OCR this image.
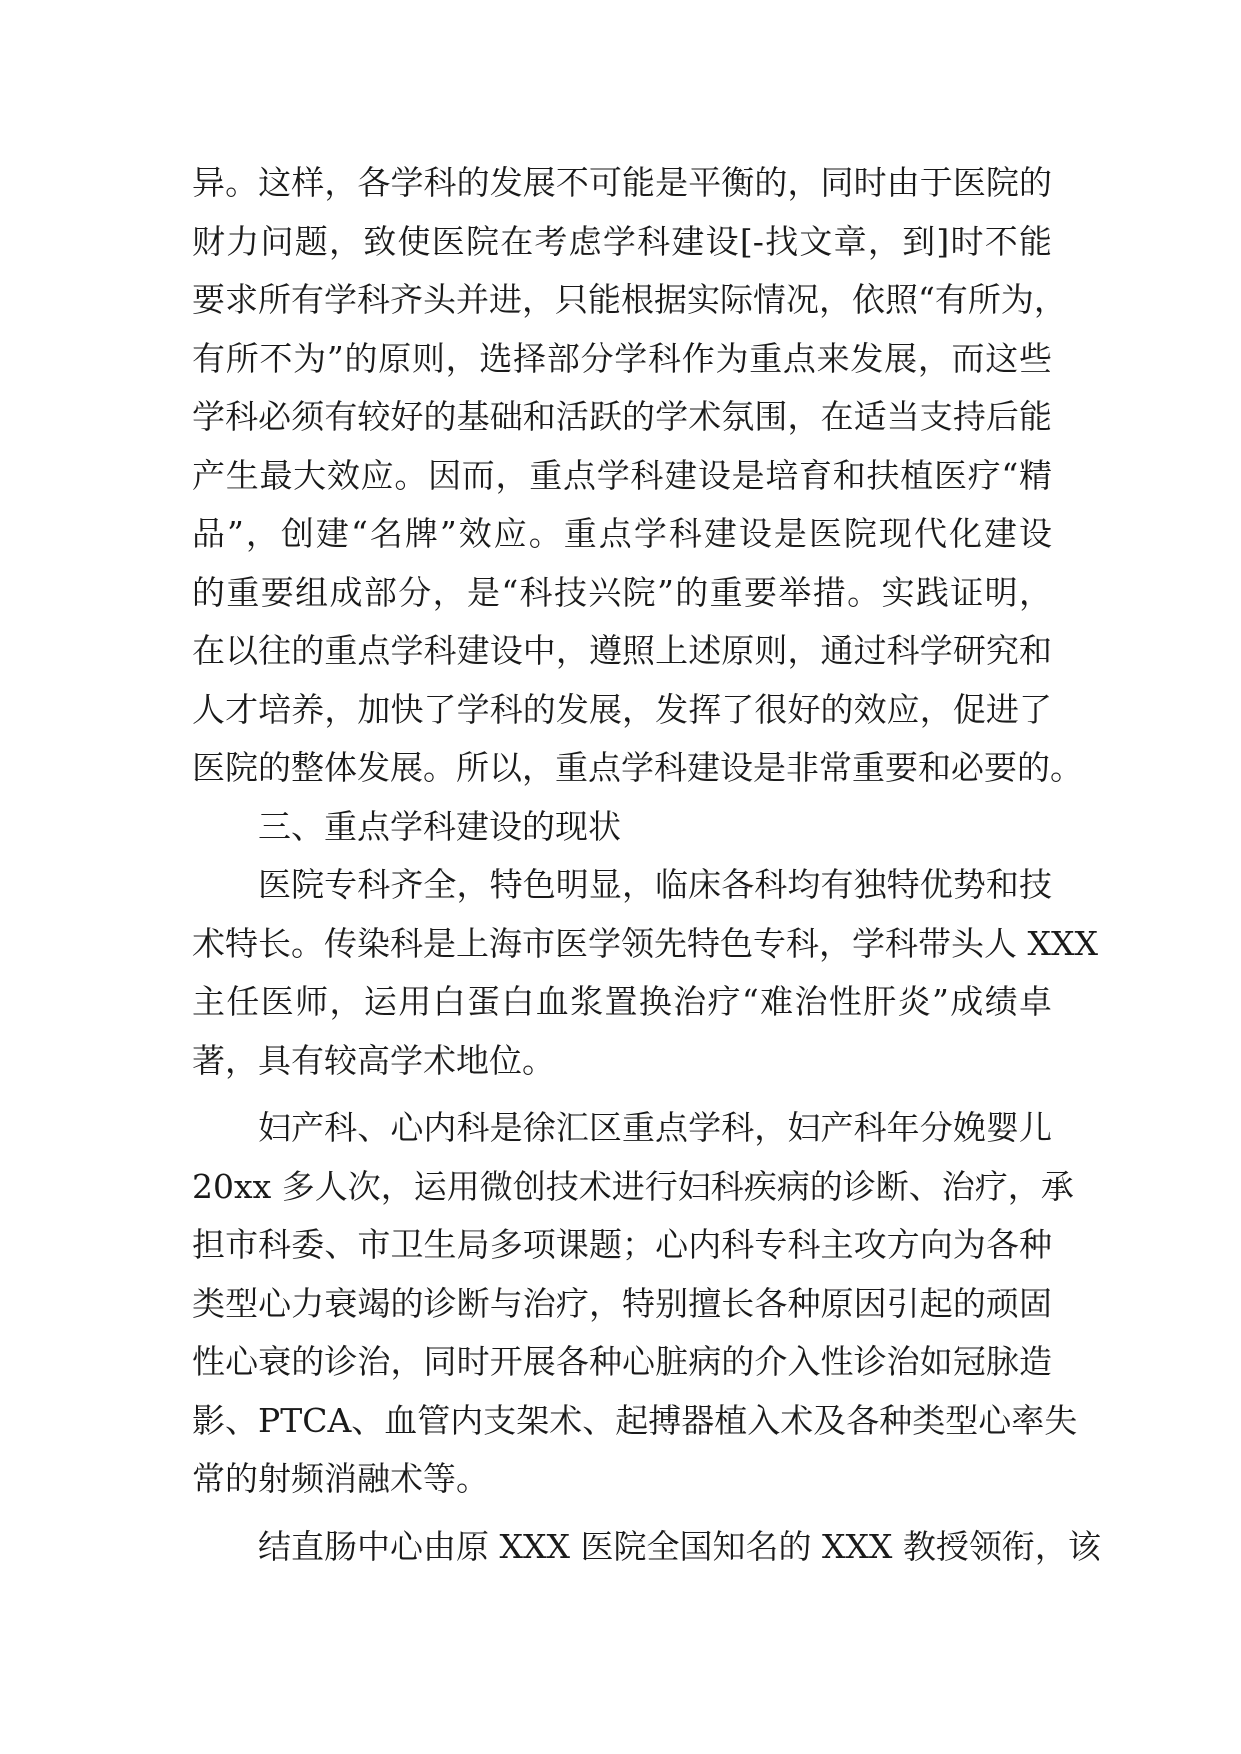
异。这样，各学科的发展不可能是平衡的，同时由于医院的
财力问题，致使医院在考虑学科建设[-找文章，到]时不能
要求所有学科齐头并进，只能根据实际情况，依照“有所为，
有所不为”的原则，选择部分学科作为重点来发展，而这些
学科必须有较好的基础和活跃的学术氛围，在适当支持后能
产生最大效应。因而，重点学科建设是培育和扶植医疗“精
品”，创建“名牌”效应。重点学科建设是医院现代化建设
的重要组成部分，是“科技兴院”的重要举措。实践证明，
在以往的重点学科建设中，遵照上述原则，通过科学研究和
人才培养，加快了学科的发展，发挥了很好的效应，促进了
医院的整体发展。所以，重点学科建设是非常重要和必要的。
三、重点学科建设的现状
医院专科齐全，特色明显，临床各科均有独特优势和技
术特长。传染科是上海市医学领先特色专科，学科带头人 XXX
主任医师，运用白蛋白血浆置换治疗“难治性肝炎”成绩卓
著，具有较高学术地位。
妇产科、心内科是徐汇区重点学科，妇产科年分娩婴儿
20xx 多人次，运用微创技术进行妇科疾病的诊断、治疗，承
担市科委、市卫生局多项课题；心内科专科主攻方向为各种
类型心力衰竭的诊断与治疗，特别擅长各种原因引起的顽固
性心衰的诊治，同时开展各种心脏病的介入性诊治如冠脉造
影、PTCA、血管内支架术、起搏器植入术及各种类型心率失
常的射频消融术等。
结直肠中心由原 XXX 医院全国知名的 XXX 教授领衔，该
